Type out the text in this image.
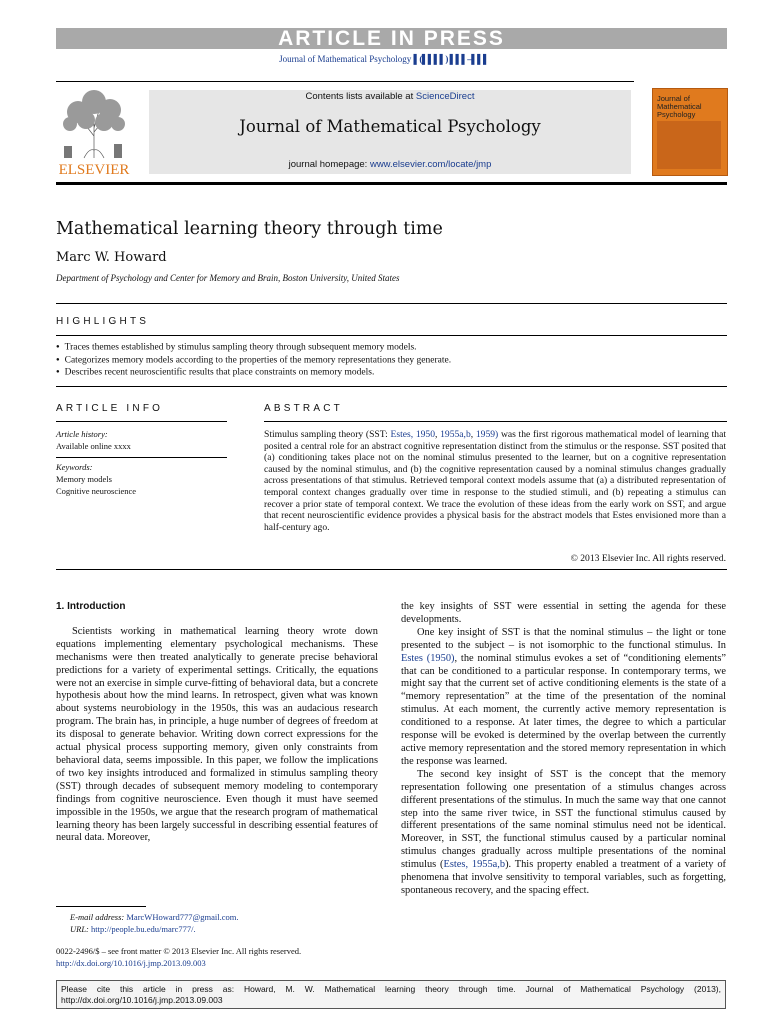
ARTICLE IN PRESS
Journal of Mathematical Psychology ▌(▌▌▌▌) ▌▌▌–▌▌▌
ELSEVIER
Contents lists available at ScienceDirect
Journal of Mathematical Psychology
journal homepage: www.elsevier.com/locate/jmp
Journal of
Mathematical
Psychology
Mathematical learning theory through time
Marc W. Howard
Department of Psychology and Center for Memory and Brain, Boston University, United States
HIGHLIGHTS
● Traces themes established by stimulus sampling theory through subsequent memory models.
● Categorizes memory models according to the properties of the memory representations they generate.
● Describes recent neuroscientific results that place constraints on memory models.
ARTICLE INFO
Article history:
Available online xxxx
Keywords:
Memory models
Cognitive neuroscience
ABSTRACT
Stimulus sampling theory (SST: Estes, 1950, 1955a,b, 1959) was the first rigorous mathematical model of learning that posited a central role for an abstract cognitive representation distinct from the stimulus or the response. SST posited that (a) conditioning takes place not on the nominal stimulus presented to the learner, but on a cognitive representation caused by the nominal stimulus, and (b) the cognitive representation caused by a nominal stimulus changes gradually across presentations of that stimulus. Retrieved temporal context models assume that (a) a distributed representation of temporal context changes gradually over time in response to the studied stimuli, and (b) repeating a stimulus can recover a prior state of temporal context. We trace the evolution of these ideas from the early work on SST, and argue that recent neuroscientific evidence provides a physical basis for the abstract models that Estes envisioned more than a half-century ago.
© 2013 Elsevier Inc. All rights reserved.

1. Introduction

Scientists working in mathematical learning theory wrote down equations implementing elementary psychological mechanisms. These mechanisms were then treated analytically to generate precise behavioral predictions for a variety of experimental settings. Critically, the equations were not an exercise in simple curve-fitting of behavioral data, but a concrete hypothesis about how the mind learns. In retrospect, given what was known about systems neurobiology in the 1950s, this was an audacious research program. The brain has, in principle, a huge number of degrees of freedom at its disposal to generate behavior. Writing down correct expressions for the actual physical process supporting memory, given only constraints from behavioral data, seems impossible. In this paper, we follow the implications of two key insights introduced and formalized in stimulus sampling theory (SST) through decades of subsequent memory modeling to contemporary findings from cognitive neuroscience. Even though it must have seemed impossible in the 1950s, we argue that the research program of mathematical learning theory has been largely successful in describing essential features of neural data. Moreover,

the key insights of SST were essential in setting the agenda for these developments.

One key insight of SST is that the nominal stimulus – the light or tone presented to the subject – is not isomorphic to the functional stimulus. In Estes (1950), the nominal stimulus evokes a set of “conditioning elements” that can be conditioned to a particular response. In contemporary terms, we might say that the current set of active conditioning elements is the state of a “memory representation” at the time of the presentation of the nominal stimulus. At each moment, the currently active memory representation is conditioned to a response. At later times, the degree to which a particular response will be evoked is determined by the overlap between the currently active memory representation and the stored memory representation in which the response was learned.

The second key insight of SST is the concept that the memory representation following one presentation of a stimulus changes across different presentations of the stimulus. In much the same way that one cannot step into the same river twice, in SST the functional stimulus caused by different presentations of the same nominal stimulus need not be identical. Moreover, in SST, the functional stimulus caused by a particular nominal stimulus changes gradually across multiple presentations of the nominal stimulus (Estes, 1955a,b). This property enabled a treatment of a variety of phenomena that involve sensitivity to temporal variables, such as forgetting, spontaneous recovery, and the spacing effect.

E-mail address: MarcWHoward777@gmail.com.
URL: http://people.bu.edu/marc777/.
0022-2496/$ – see front matter © 2013 Elsevier Inc. All rights reserved.
http://dx.doi.org/10.1016/j.jmp.2013.09.003
Please cite this article in press as: Howard, M. W. Mathematical learning theory through time. Journal of Mathematical Psychology (2013), http://dx.doi.org/10.1016/j.jmp.2013.09.003
